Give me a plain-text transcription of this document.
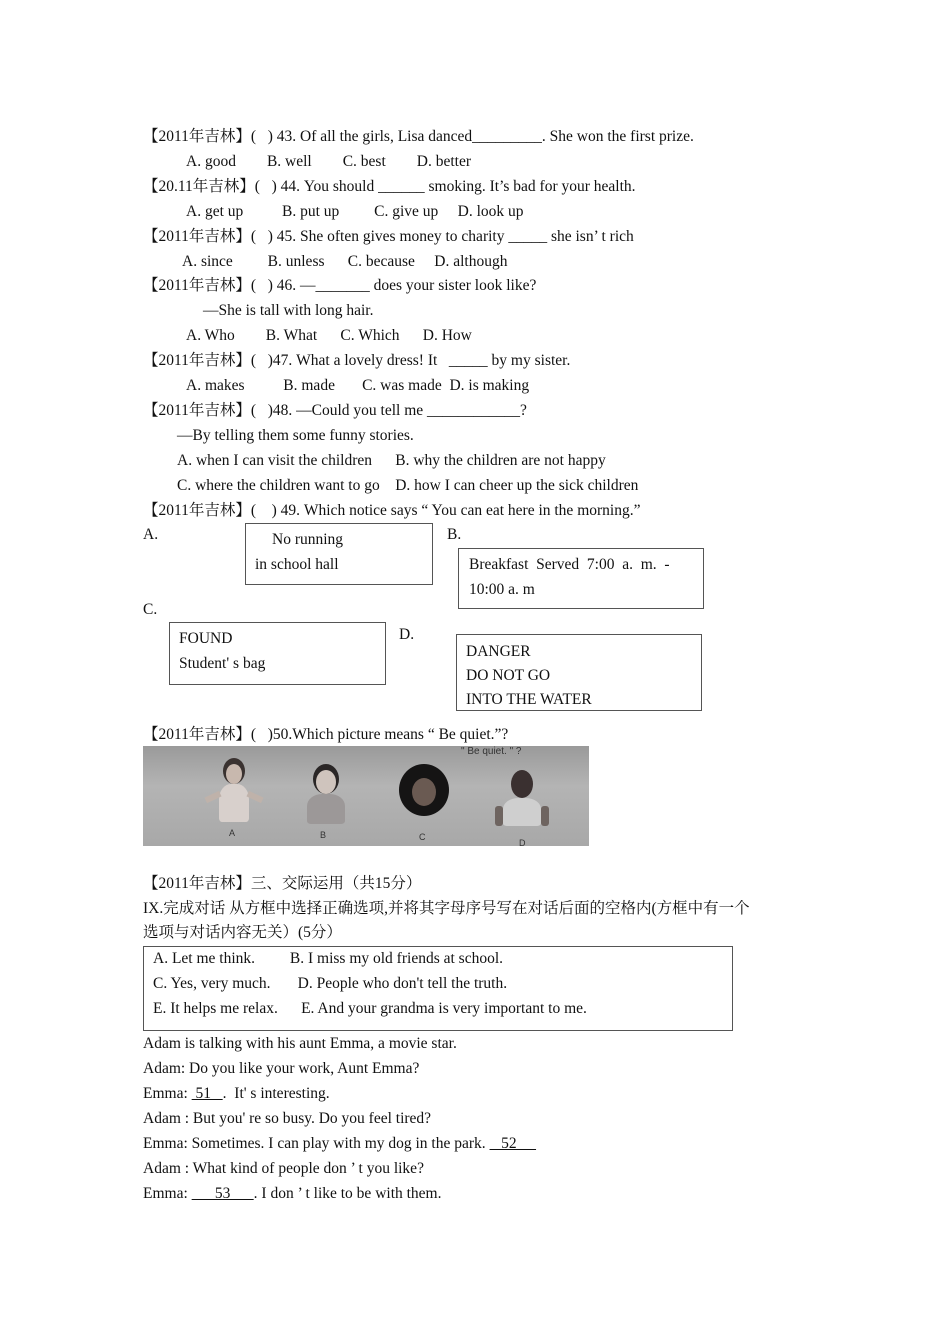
【2011年吉林】(   ) 43. Of all the girls, Lisa danced_________. She won the first prize.
A. good        B. well        C. best        D. better
【20.11年吉林】(   ) 44. You should ______ smoking. It’s bad for your health.
A. get up          B. put up         C. give up     D. look up
【2011年吉林】(   ) 45. She often gives money to charity _____ she isn’ t rich
A. since         B. unless      C. because     D. although
【2011年吉林】(   ) 46. —_______ does your sister look like?
—She is tall with long hair.
A. Who        B. What      C. Which      D. How
【2011年吉林】(   )47. What a lovely dress! It   _____ by my sister.
A. makes          B. made       C. was made  D. is making
【2011年吉林】(   )48. —Could you tell me ____________?
—By telling them some funny stories.
A. when I can visit the children      B. why the children are not happy
C. where the children want to go    D. how I can cheer up the sick children
【2011年吉林】(    ) 49. Which notice says “ You can eat here in the morning.”
A.	No running
in school hall
B.
Breakfast  Served  7:00  a.  m.  -
10:00 a. m
C.
FOUND
Student' s bag
D.
DANGER
DO NOT GO
INTO THE WATER
【2011年吉林】(   )50.Which picture means “ Be quiet.”?
" Be quiet. " ?
A	B	C
D
【2011年吉林】三、交际运用（共15分）
IX.完成对话 从方框中选择正确选项,并将其字母序号写在对话后面的空格内(方框中有一个
选项与对话内容无关）(5分）
A. Let me think.         B. I miss my old friends at school.
C. Yes, very much.       D. People who don't tell the truth.
E. It helps me relax.      E. And your grandma is very important to me.
Adam is talking with his aunt Emma, a movie star.
Adam: Do you like your work, Aunt Emma?
Emma:  51   .  It' s interesting.
Adam : But you' re so busy. Do you feel tired?
Emma: Sometimes. I can play with my dog in the park.    52
Adam : What kind of people don ’ t you like?
Emma:       53      . I don ’ t like to be with them.
